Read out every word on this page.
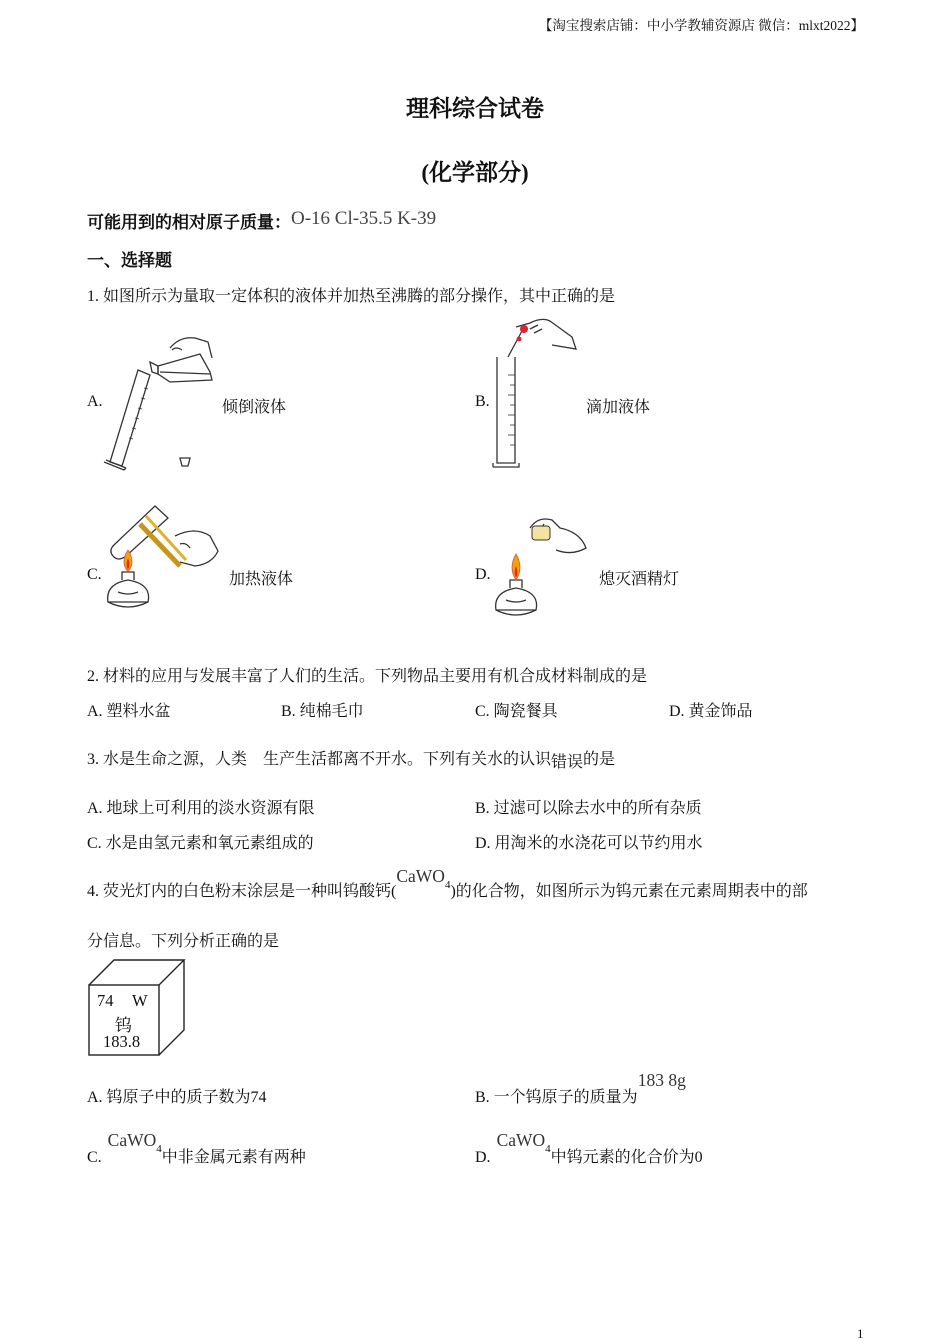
【淘宝搜索店铺：中小学教辅资源店 微信：mlxt2022】
理科综合试卷
(化学部分)
可能用到的相对原子质量：O-16 Cl-35.5 K-39
一、选择题
1. 如图所示为量取一定体积的液体并加热至沸腾的部分操作，其中正确的是
A.	倾倒液体	B.	滴加液体
C.	加热液体	D.	熄灭酒精灯
2. 材料的应用与发展丰富了人们的生活。下列物品主要用有机合成材料制成的是
A. 塑料水盆	B. 纯棉毛巾	C. 陶瓷餐具	D. 黄金饰品
3. 水是生命之源，人类 生产生活都离不开水。下列有关水的认识错误的是
A. 地球上可利用的淡水资源有限	B. 过滤可以除去水中的所有杂质
C. 水是由氢元素和氧元素组成的	D. 用淘米的水浇花可以节约用水
4. 荧光灯内的白色粉末涂层是一种叫钨酸钙(CaWO$_4$)的化合物，如图所示为钨元素在元素周期表中的部
分信息。下列分析正确的是
74 W
钨
183.8
A. 钨原子中的质子数为74	B. 一个钨原子的质量为183 8g
C.CaWO$_4$中非金属元素有两种	D.CaWO$_4$中钨元素的化合价为0
1
